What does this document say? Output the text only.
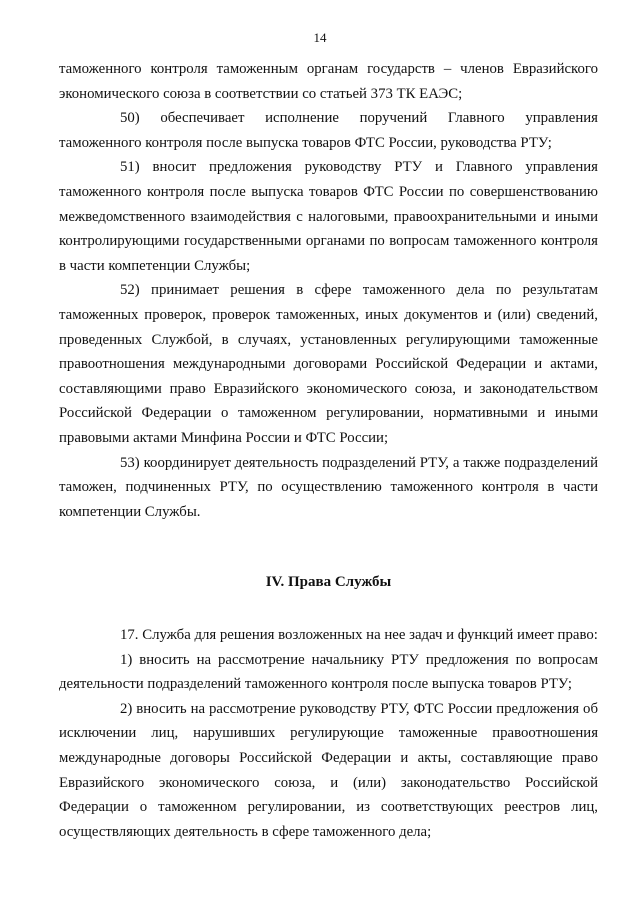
14

таможенного контроля таможенным органам государств – членов Евразийского экономического союза в соответствии со статьей 373 ТК ЕАЭС;

50) обеспечивает исполнение поручений Главного управления таможенного контроля после выпуска товаров ФТС России, руководства РТУ;

51) вносит предложения руководству РТУ и Главного управления таможенного контроля после выпуска товаров ФТС России по совершенствованию межведомственного взаимодействия с налоговыми, правоохранительными и иными контролирующими государственными органами по вопросам таможенного контроля в части компетенции Службы;

52) принимает решения в сфере таможенного дела по результатам таможенных проверок, проверок таможенных, иных документов и (или) сведений, проведенных Службой, в случаях, установленных регулирующими таможенные правоотношения международными договорами Российской Федерации и актами, составляющими право Евразийского экономического союза, и законодательством Российской Федерации о таможенном регулировании, нормативными и иными правовыми актами Минфина России и ФТС России;

53) координирует деятельность подразделений РТУ, а также подразделений таможен, подчиненных РТУ, по осуществлению таможенного контроля в части компетенции Службы.

IV. Права Службы

17. Служба для решения возложенных на нее задач и функций имеет право:

1) вносить на рассмотрение начальнику РТУ предложения по вопросам деятельности подразделений таможенного контроля после выпуска товаров РТУ;

2) вносить на рассмотрение руководству РТУ, ФТС России предложения об исключении лиц, нарушивших регулирующие таможенные правоотношения международные договоры Российской Федерации и акты, составляющие право Евразийского экономического союза, и (или) законодательство Российской Федерации о таможенном регулировании, из соответствующих реестров лиц, осуществляющих деятельность в сфере таможенного дела;
